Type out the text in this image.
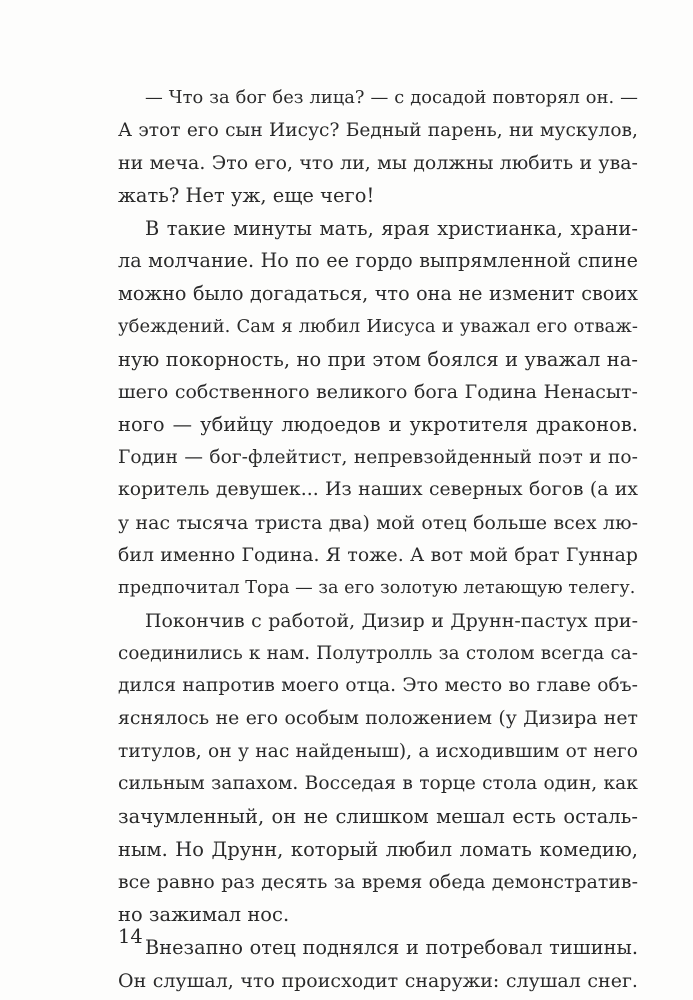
— Что за бог без лица? — с досадой повторял он. —
А этот его сын Иисус? Бедный парень, ни мускулов,
ни меча. Это его, что ли, мы должны любить и ува-
жать? Нет уж, еще чего!
В такие минуты мать, ярая христианка, храни-
ла молчание. Но по ее гордо выпрямленной спине
можно было догадаться, что она не изменит своих
убеждений. Сам я любил Иисуса и уважал его отваж-
ную покорность, но при этом боялся и уважал на-
шего собственного великого бога Година Ненасыт-
ного — убийцу людоедов и укротителя драконов.
Годин — бог-флейтист, непревзойденный поэт и по-
коритель девушек... Из наших северных богов (а их
у нас тысяча триста два) мой отец больше всех лю-
бил именно Година. Я тоже. А вот мой брат Гуннар
предпочитал Тора — за его золотую летающую телегу.
Покончив с работой, Дизир и Друнн-пастух при-
соединились к нам. Полутролль за столом всегда са-
дился напротив моего отца. Это место во главе объ-
яснялось не его особым положением (у Дизира нет
титулов, он у нас найденыш), а исходившим от него
сильным запахом. Восседая в торце стола один, как
зачумленный, он не слишком мешал есть осталь-
ным. Но Друнн, который любил ломать комедию,
все равно раз десять за время обеда демонстратив-
но зажимал нос.
Внезапно отец поднялся и потребовал тишины.
Он слушал, что происходит снаружи: слушал снег.
14
